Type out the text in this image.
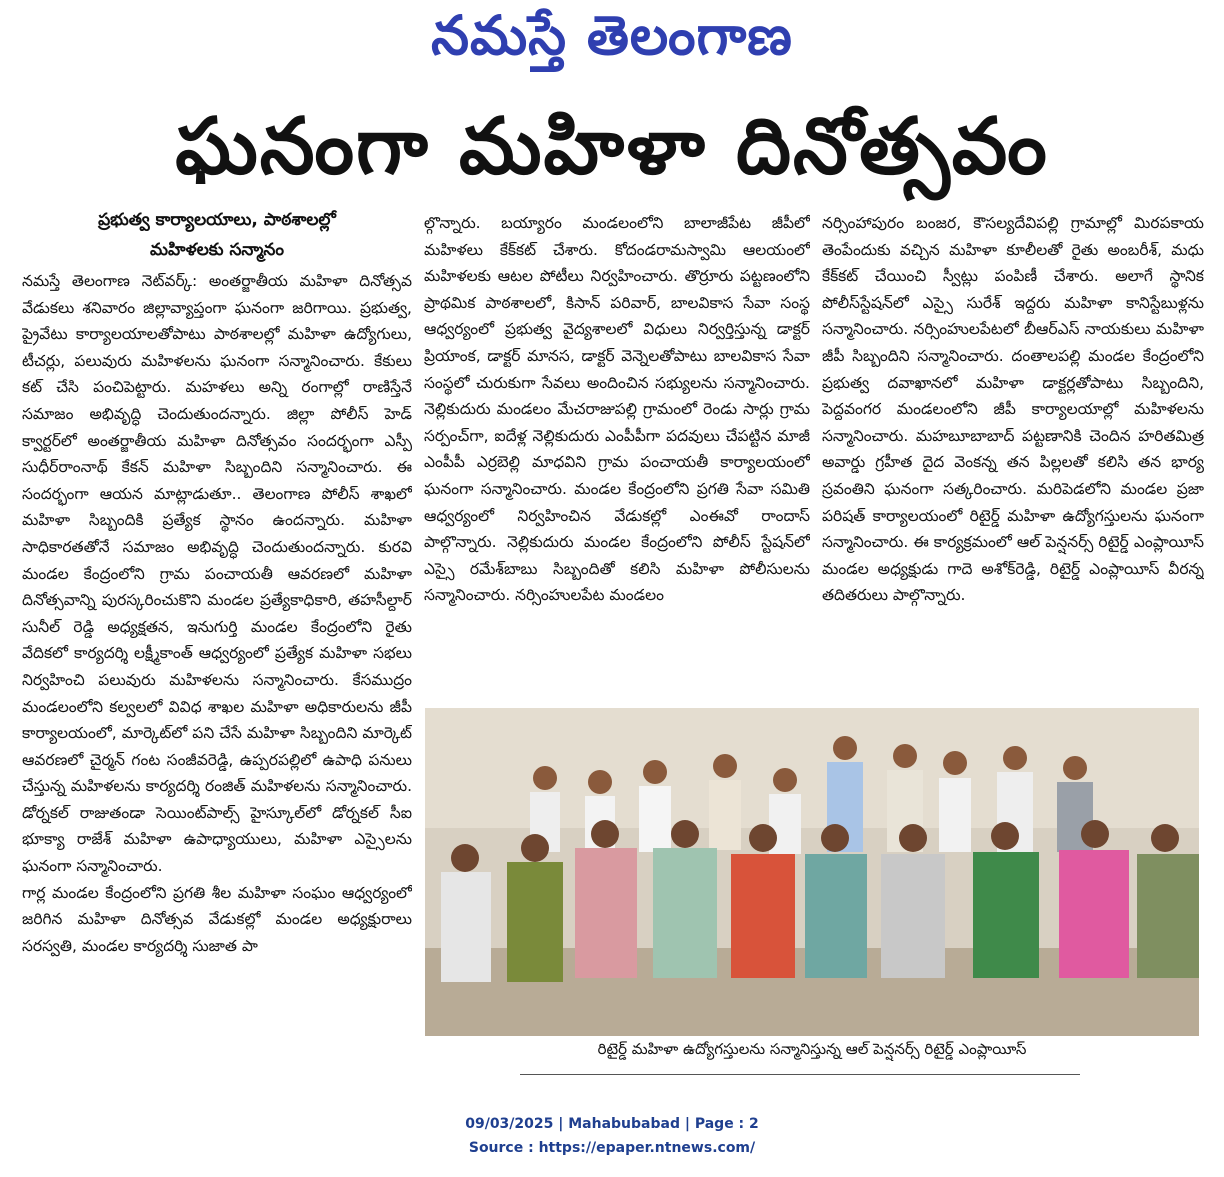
నమస్తే తెలంగాణ
ఘనంగా మహిళా దినోత్సవం
ప్రభుత్వ కార్యాలయాలు, పాఠశాలల్లో
మహిళలకు సన్మానం

నమస్తే తెలంగాణ నెట్‌వర్క్: అంతర్జాతీయ మహిళా దినోత్సవ వేడుకలు శనివారం జిల్లావ్యాప్తంగా ఘనంగా జరిగాయి. ప్రభుత్వ, ప్రైవేటు కార్యాలయాలతోపాటు పాఠశాలల్లో మహిళా ఉద్యోగులు, టీచర్లు, పలువురు మహిళలను ఘనంగా సన్మానించారు. కేకులు కట్ చేసి పంచిపెట్టారు. మహళలు అన్ని రంగాల్లో రాణిస్తేనే సమాజం అభివృద్ధి చెందుతుందన్నారు. జిల్లా పోలీస్ హెడ్ క్వార్టర్‌లో అంతర్జాతీయ మహిళా దినోత్సవం సందర్భంగా ఎస్పీ సుధీర్‌రాంనాథ్ కేకన్ మహిళా సిబ్బందిని సన్మానించారు. ఈ సందర్భంగా ఆయన మాట్లాడుతూ.. తెలంగాణ పోలీస్ శాఖలో మహిళా సిబ్బందికి ప్రత్యేక స్థానం ఉందన్నారు. మహిళా సాధికారతతోనే సమాజం అభివృద్ధి చెందుతుందన్నారు. కురవి మండల కేంద్రంలోని గ్రామ పంచాయతీ ఆవరణలో మహిళా దినోత్సవాన్ని పురస్కరించుకొని మండల ప్రత్యేకాధికారి, తహసీల్దార్ సునీల్ రెడ్డి అధ్యక్షతన, ఇనుగుర్తి మండల కేంద్రంలోని రైతు వేదికలో కార్యదర్శి లక్ష్మీకాంత్ ఆధ్వర్యంలో ప్రత్యేక మహిళా సభలు నిర్వహించి పలువురు మహిళలను సన్మానించారు. కేసముద్రం మండలంలోని కల్వలలో వివిధ శాఖల మహిళా అధికారులను జీపీ కార్యాలయంలో, మార్కెట్‌లో పని చేసే మహిళా సిబ్బందిని మార్కెట్ ఆవరణలో చైర్మన్ గంట సంజీవరెడ్డి, ఉప్పరపల్లిలో ఉపాధి పనులు చేస్తున్న మహిళలను కార్యదర్శి రంజిత్ మహిళలను సన్మానించారు. డోర్నకల్ రాజుతండా సెయింట్‌పాల్స్ హైస్కూల్‌లో డోర్నకల్ సీఐ భూక్యా రాజేశ్ మహిళా ఉపాధ్యాయులు, మహిళా ఎస్సైలను ఘనంగా సన్మానించారు.

గార్ల మండల కేంద్రంలోని ప్రగతి శీల మహిళా సంఘం ఆధ్వర్యంలో జరిగిన మహిళా దినోత్సవ వేడుకల్లో మండల అధ్యక్షురాలు సరస్వతి, మండల కార్యదర్శి సుజాత పా

ల్గొన్నారు. బయ్యారం మండలంలోని బాలాజీపేట జీపీలో మహిళలు కేక్‌కట్ చేశారు. కోదండరామస్వామి ఆలయంలో మహిళలకు ఆటల పోటీలు నిర్వహించారు. తొర్రూరు పట్టణంలోని ప్రాథమిక పాఠశాలలో, కిసాన్ పరివార్, బాలవికాస సేవా సంస్థ ఆధ్వర్యంలో ప్రభుత్వ వైద్యశాలలో విధులు నిర్వర్తిస్తున్న డాక్టర్ ప్రియాంక, డాక్టర్ మానస, డాక్టర్ వెన్నెలతోపాటు బాలవికాస సేవా సంస్థలో చురుకుగా సేవలు అందించిన సభ్యులను సన్మానించారు. నెల్లికుదురు మండలం మేచరాజుపల్లి గ్రామంలో రెండు సార్లు గ్రామ సర్పంచ్‌గా, ఐదేళ్ల నెల్లికుదురు ఎంపీపీగా పదవులు చేపట్టిన మాజీ ఎంపీపీ ఎర్రబెల్లి మాధవిని గ్రామ పంచాయతీ కార్యాలయంలో ఘనంగా సన్మానించారు. మండల కేంద్రంలోని ప్రగతి సేవా సమితి ఆధ్వర్యంలో నిర్వహించిన వేడుకల్లో ఎంఈవో రాందాస్ పాల్గొన్నారు. నెల్లికుదురు మండల కేంద్రంలోని పోలీస్ స్టేషన్‌లో ఎస్సై రమేశ్‌బాబు సిబ్బందితో కలిసి మహిళా పోలీసులను సన్మానించారు. నర్సింహులపేట మండలం

నర్సింహాపురం బంజర, కౌసల్యదేవిపల్లి గ్రామాల్లో మిరపకాయ తెంపేందుకు వచ్చిన మహిళా కూలీలతో రైతు అంబరీశ్, మధు కేక్‌కట్ చేయించి స్వీట్లు పంపిణీ చేశారు. అలాగే స్థానిక పోలీస్‌స్టేషన్‌లో ఎస్సై సురేశ్ ఇద్దరు మహిళా కానిస్టేబుళ్లను సన్మానించారు. నర్సింహులపేటలో బీఆర్‌ఎస్ నాయకులు మహిళా జీపీ సిబ్బందిని సన్మానించారు. దంతాలపల్లి మండల కేంద్రంలోని ప్రభుత్వ దవాఖానలో మహిళా డాక్టర్లతోపాటు సిబ్బందిని, పెద్దవంగర మండలంలోని జీపీ కార్యాలయాల్లో మహిళలను సన్మానించారు. మహబూబాబాద్ పట్టణానికి చెందిన హరితమిత్ర అవార్డు గ్రహీత దైద వెంకన్న తన పిల్లలతో కలిసి తన భార్య స్రవంతిని ఘనంగా సత్కరించారు. మరిపెడలోని మండల ప్రజా పరిషత్ కార్యాలయంలో రిటైర్డ్ మహిళా ఉద్యోగస్తులను ఘనంగా సన్మానించారు. ఈ కార్యక్రమంలో ఆల్ పెన్షనర్స్ రిటైర్డ్ ఎంప్లాయీస్ మండల అధ్యక్షుడు గాదె అశోక్‌రెడ్డి, రిటైర్డ్ ఎంప్లాయీస్ వీరన్న తదితరులు పాల్గొన్నారు.

రిటైర్డ్ మహిళా ఉద్యోగస్తులను సన్మానిస్తున్న ఆల్ పెన్షనర్స్ రిటైర్డ్ ఎంప్లాయీస్
09/03/2025 | Mahabubabad | Page : 2
Source : https://epaper.ntnews.com/
